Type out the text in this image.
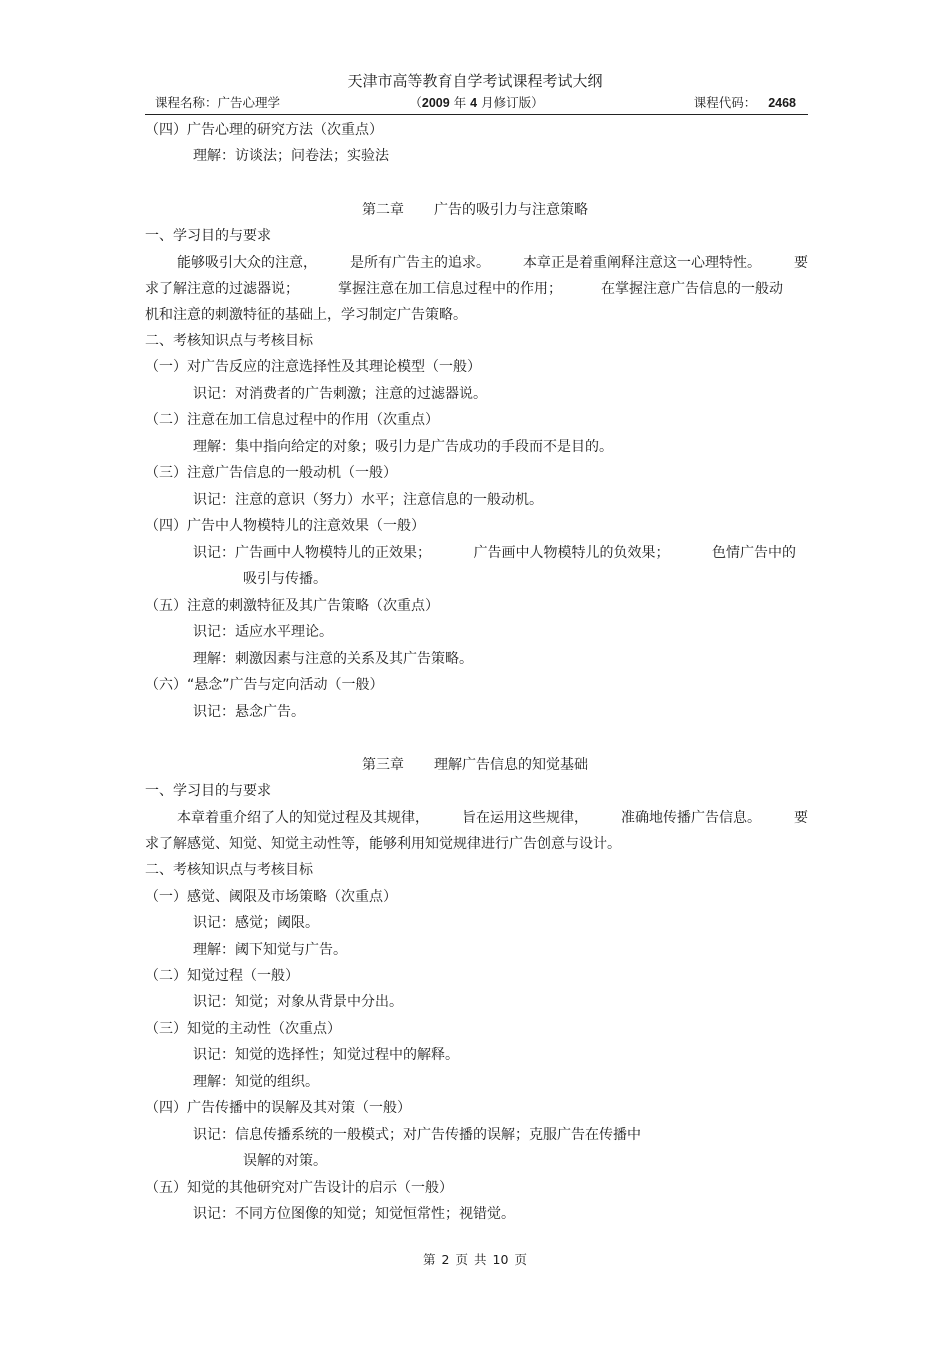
天津市高等教育自学考试课程考试大纲
课程名称：广告心理学	（2009 年 4 月修订版）	课程代码： 2468
（四）广告心理的研究方法（次重点）
理解：访谈法；问卷法；实验法
第二章 广告的吸引力与注意策略
一、学习目的与要求
能够吸引大众的注意， 是所有广告主的追求。 本章正是着重阐释注意这一心理特性。 要
求了解注意的过滤器说；	掌握注意在加工信息过程中的作用；	在掌握注意广告信息的一般动
机和注意的刺激特征的基础上，学习制定广告策略。
二、考核知识点与考核目标
（一）对广告反应的注意选择性及其理论模型（一般）
识记：对消费者的广告刺激；注意的过滤器说。
（二）注意在加工信息过程中的作用（次重点）
理解：集中指向给定的对象；吸引力是广告成功的手段而不是目的。
（三）注意广告信息的一般动机（一般）
识记：注意的意识（努力）水平；注意信息的一般动机。
（四）广告中人物模特儿的注意效果（一般）
识记：广告画中人物模特儿的正效果；	广告画中人物模特儿的负效果；	色情广告中的
吸引与传播。
（五）注意的刺激特征及其广告策略（次重点）
识记：适应水平理论。
理解：刺激因素与注意的关系及其广告策略。
（六）“悬念”广告与定向活动（一般）
识记：悬念广告。
第三章 理解广告信息的知觉基础
一、学习目的与要求
本章着重介绍了人的知觉过程及其规律， 旨在运用这些规律， 准确地传播广告信息。 要
求了解感觉、知觉、知觉主动性等，能够利用知觉规律进行广告创意与设计。
二、考核知识点与考核目标
（一）感觉、阈限及市场策略（次重点）
识记：感觉；阈限。
理解：阈下知觉与广告。
（二）知觉过程（一般）
识记：知觉；对象从背景中分出。
（三）知觉的主动性（次重点）
识记：知觉的选择性；知觉过程中的解释。
理解：知觉的组织。
（四）广告传播中的误解及其对策（一般）
识记：信息传播系统的一般模式；对广告传播的误解；克服广告在传播中
误解的对策。
（五）知觉的其他研究对广告设计的启示（一般）
识记：不同方位图像的知觉；知觉恒常性；视错觉。
第 2 页 共 10 页
